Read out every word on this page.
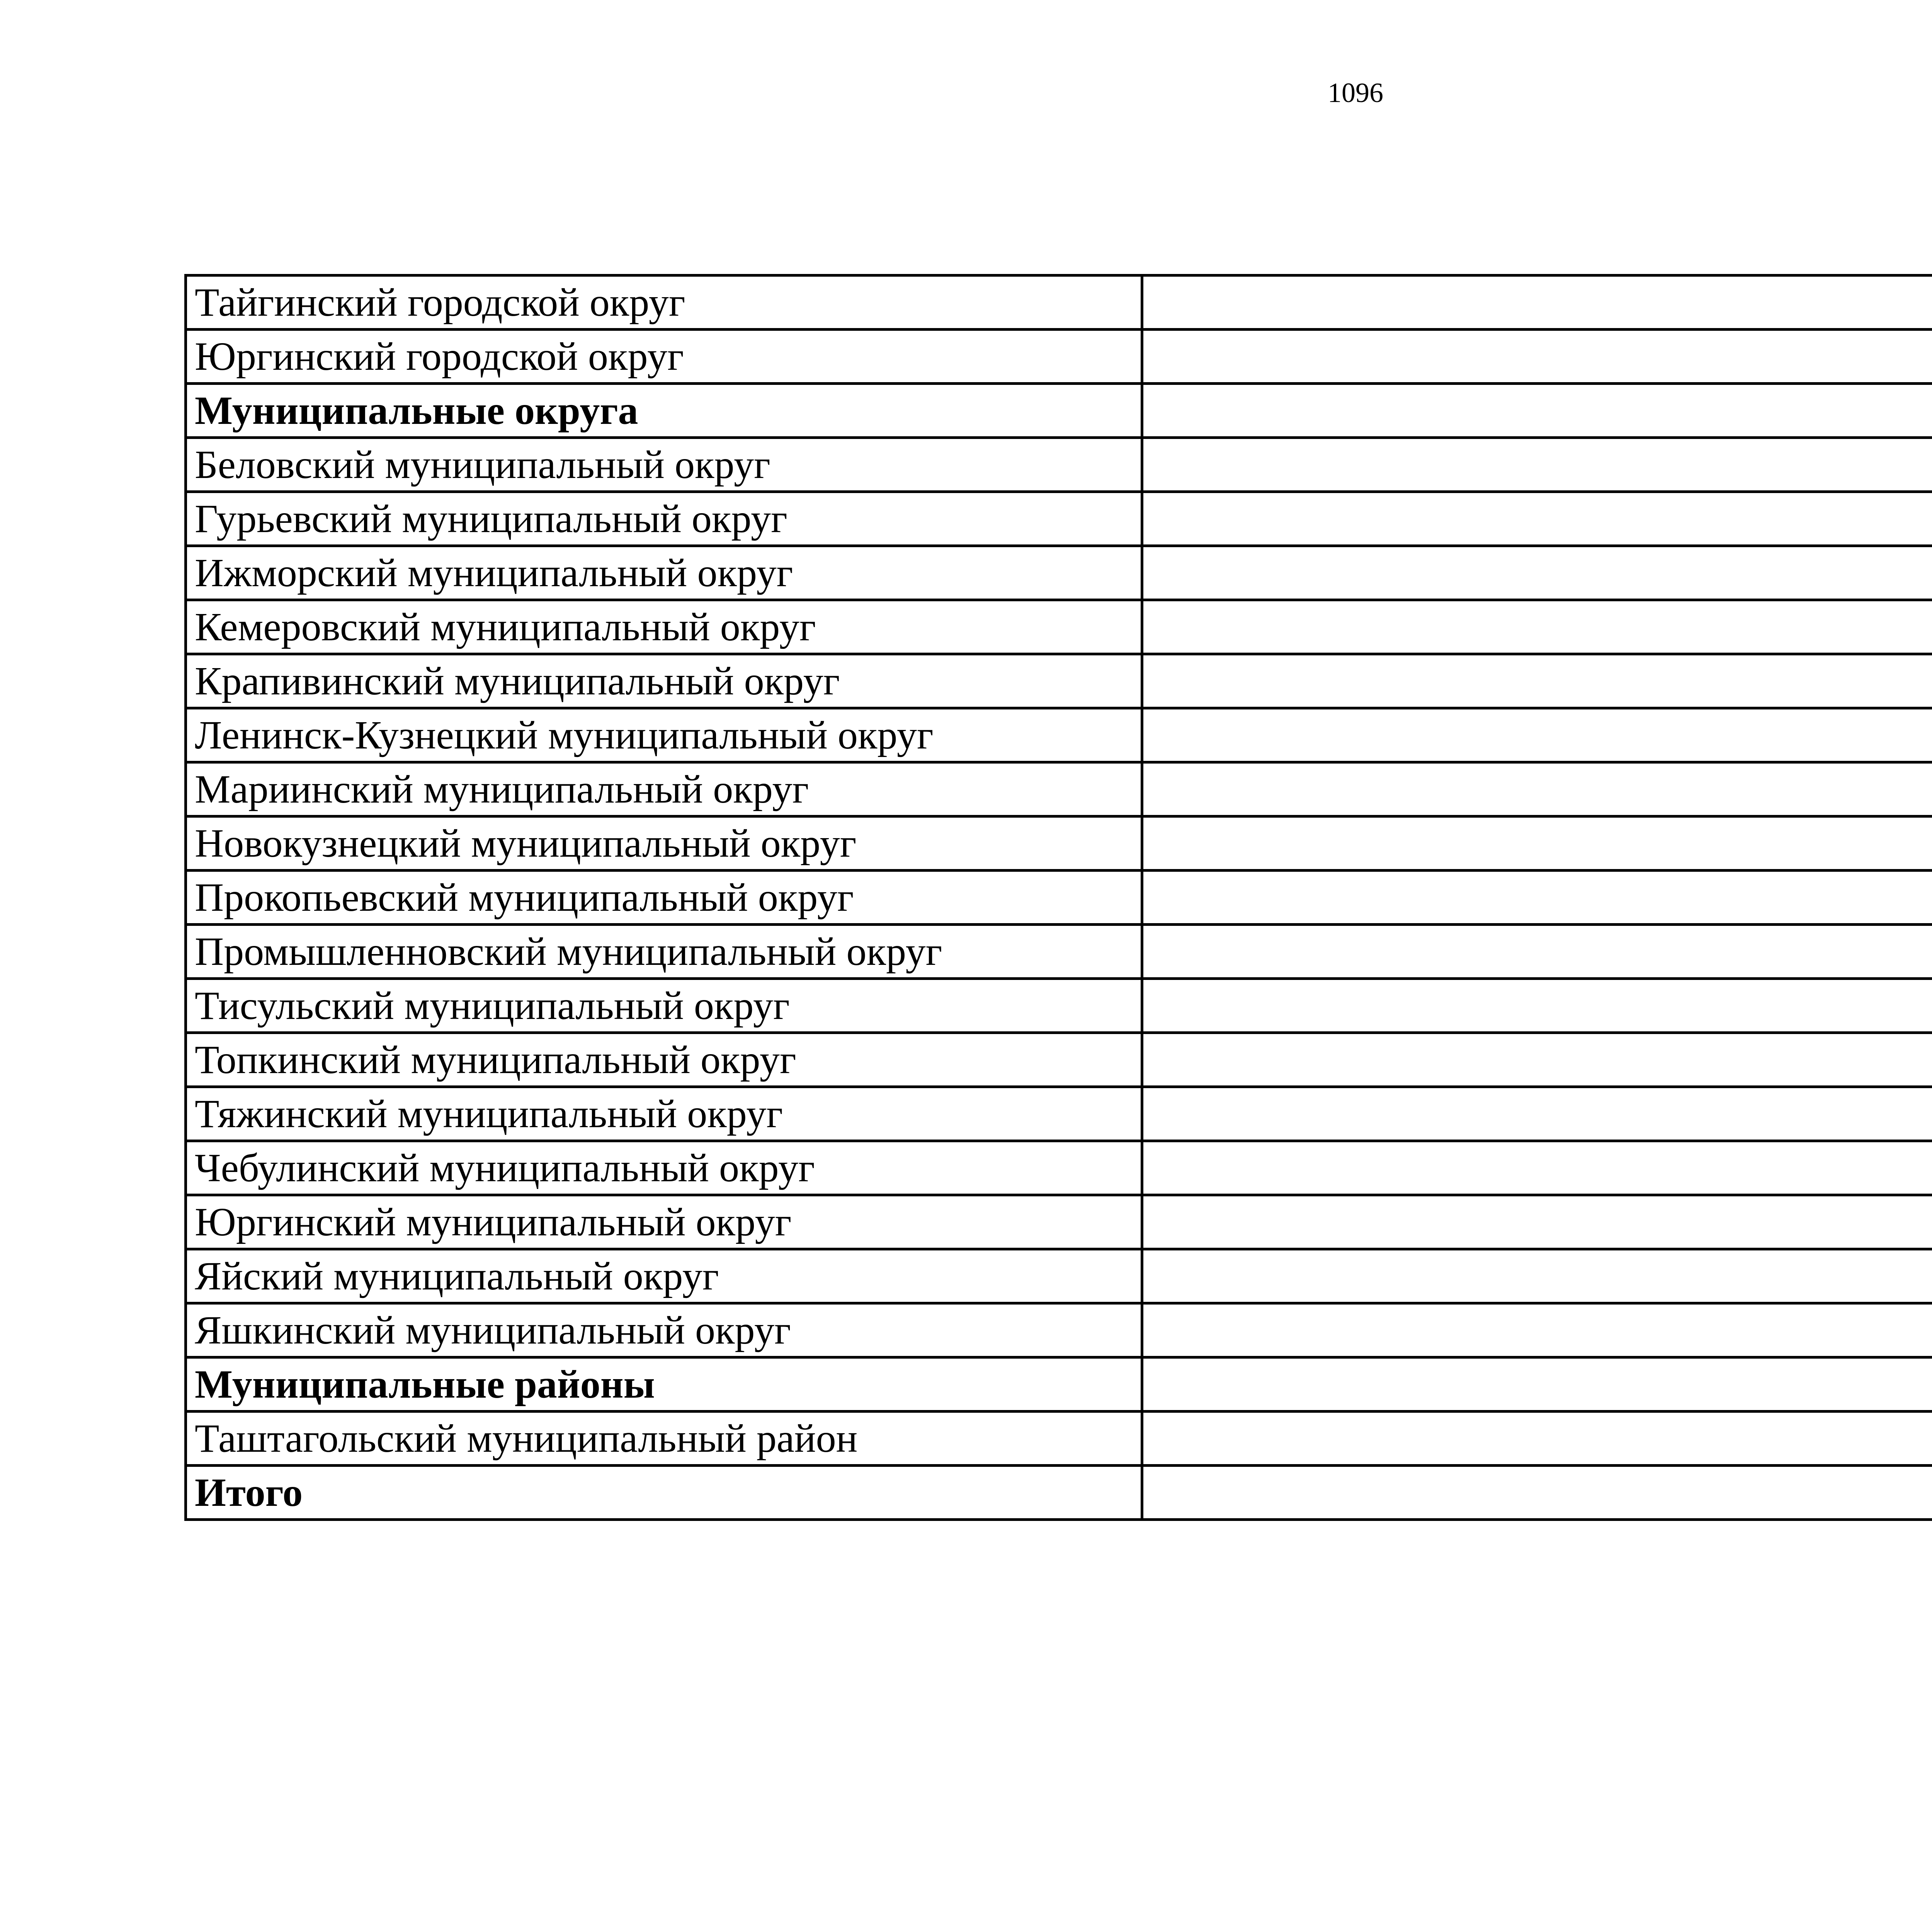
1096
Тайгинский городской округ	
Юргинский городской округ	
Муниципальные округа	
Беловский муниципальный округ	
Гурьевский муниципальный округ	
Ижморский муниципальный округ	
Кемеровский муниципальный округ	
Крапивинский муниципальный округ	
Ленинск-Кузнецкий муниципальный округ	
Мариинский муниципальный округ	
Новокузнецкий муниципальный округ	
Прокопьевский муниципальный округ	
Промышленновский муниципальный округ	
Тисульский муниципальный округ	
Топкинский муниципальный округ	
Тяжинский муниципальный округ	
Чебулинский муниципальный округ	
Юргинский муниципальный округ	
Яйский муниципальный округ	
Яшкинский муниципальный округ	
Муниципальные районы	
Таштагольский муниципальный район	
Итого	
